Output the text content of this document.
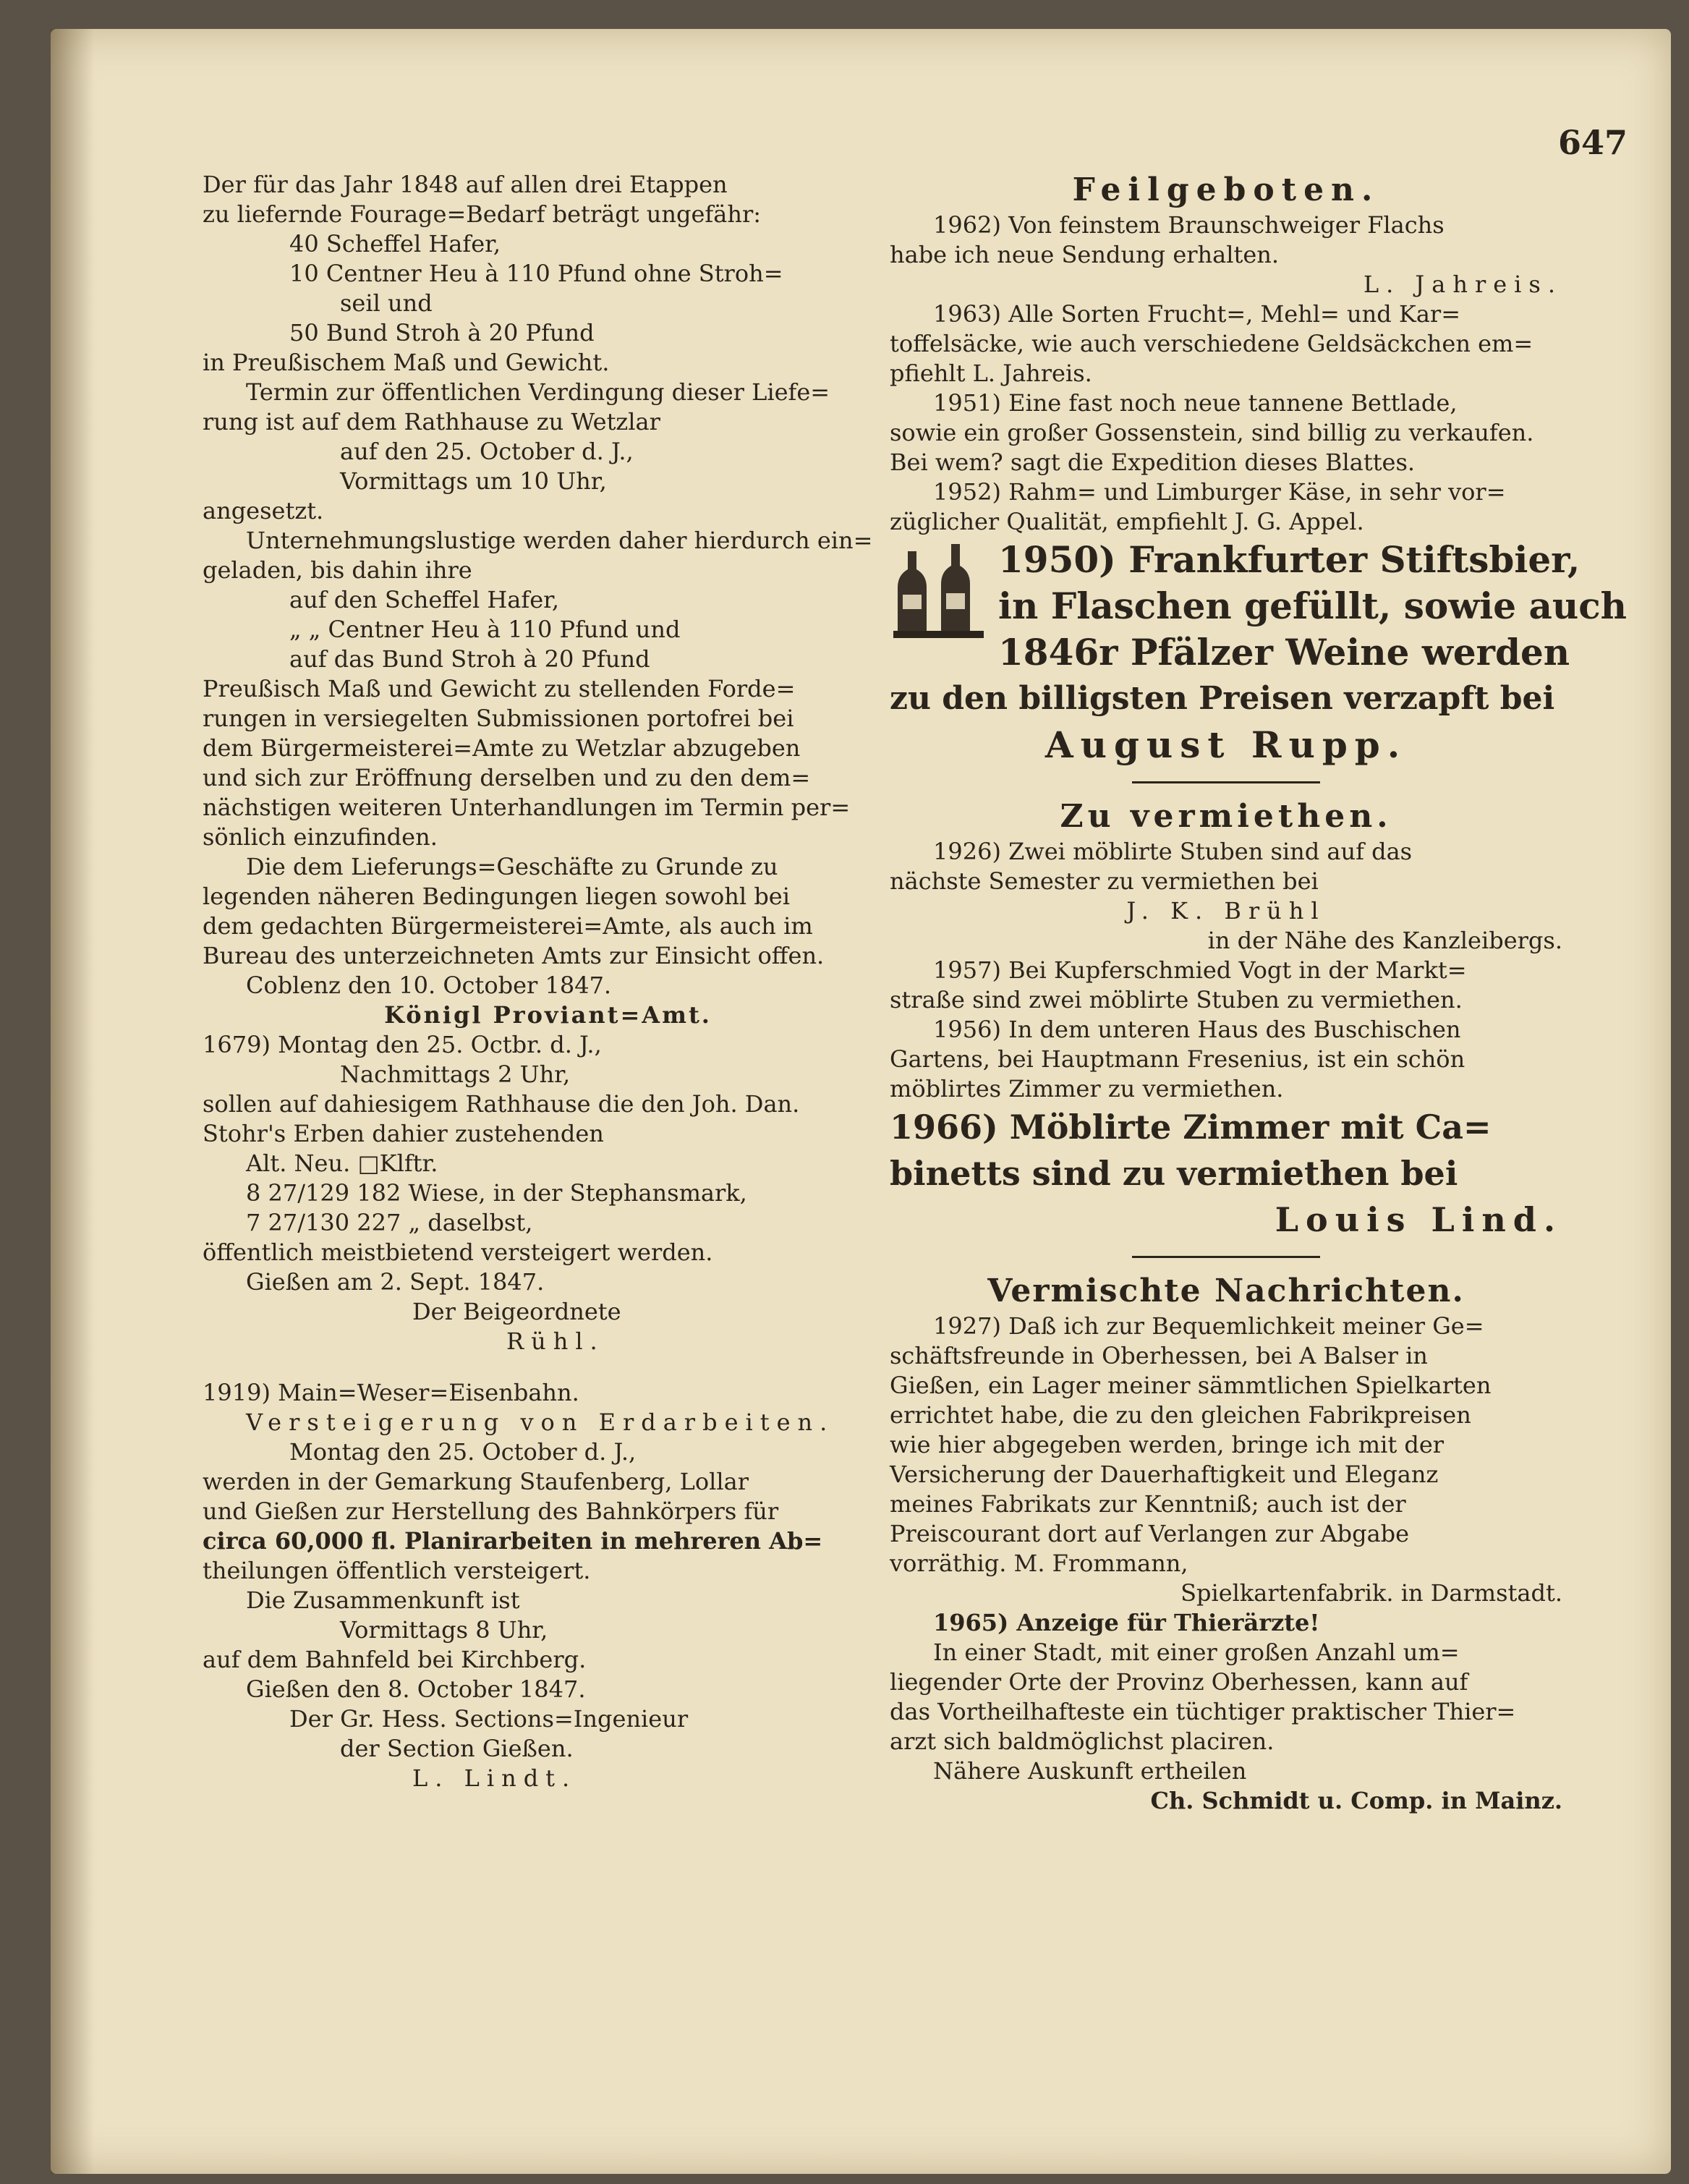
647
Der für das Jahr 1848 auf allen drei Etappen
zu liefernde Fourage=Bedarf beträgt ungefähr:
40 Scheffel Hafer,
10 Centner Heu à 110 Pfund ohne Stroh=
seil und
50 Bund Stroh à 20 Pfund
in Preußischem Maß und Gewicht.
Termin zur öffentlichen Verdingung dieser Liefe=
rung ist auf dem Rathhause zu Wetzlar
auf den 25. October d. J.,
Vormittags um 10 Uhr,
angesetzt.
Unternehmungslustige werden daher hierdurch ein=
geladen, bis dahin ihre
auf den Scheffel Hafer,
„ „ Centner Heu à 110 Pfund und
auf das Bund Stroh à 20 Pfund
Preußisch Maß und Gewicht zu stellenden Forde=
rungen in versiegelten Submissionen portofrei bei
dem Bürgermeisterei=Amte zu Wetzlar abzugeben
und sich zur Eröffnung derselben und zu den dem=
nächstigen weiteren Unterhandlungen im Termin per=
sönlich einzufinden.
Die dem Lieferungs=Geschäfte zu Grunde zu
legenden näheren Bedingungen liegen sowohl bei
dem gedachten Bürgermeisterei=Amte, als auch im
Bureau des unterzeichneten Amts zur Einsicht offen.
Coblenz den 10. October 1847.
Königl Proviant=Amt.
1679) Montag den 25. Octbr. d. J.,
Nachmittags 2 Uhr,
sollen auf dahiesigem Rathhause die den Joh. Dan.
Stohr's Erben dahier zustehenden
Alt. Neu. □Klftr.
8 27/129 182 Wiese, in der Stephansmark,
7 27/130 227 „ daselbst,
öffentlich meistbietend versteigert werden.
Gießen am 2. Sept. 1847.
Der Beigeordnete
Rühl.
1919) Main=Weser=Eisenbahn.
Versteigerung von Erdarbeiten.
Montag den 25. October d. J.,
werden in der Gemarkung Staufenberg, Lollar
und Gießen zur Herstellung des Bahnkörpers für
circa 60,000 fl. Planirarbeiten in mehreren Ab=
theilungen öffentlich versteigert.
Die Zusammenkunft ist
Vormittags 8 Uhr,
auf dem Bahnfeld bei Kirchberg.
Gießen den 8. October 1847.
Der Gr. Hess. Sections=Ingenieur
der Section Gießen.
L. Lindt.
Feilgeboten.
1962) Von feinstem Braunschweiger Flachs
habe ich neue Sendung erhalten.
L. Jahreis.
1963) Alle Sorten Frucht=, Mehl= und Kar=
toffelsäcke, wie auch verschiedene Geldsäckchen em=
pfiehlt L. Jahreis.
1951) Eine fast noch neue tannene Bettlade,
sowie ein großer Gossenstein, sind billig zu verkaufen.
Bei wem? sagt die Expedition dieses Blattes.
1952) Rahm= und Limburger Käse, in sehr vor=
züglicher Qualität, empfiehlt J. G. Appel.
1950) Frankfurter Stiftsbier,
in Flaschen gefüllt, sowie auch
1846r Pfälzer Weine werden
zu den billigsten Preisen verzapft bei
August Rupp.
Zu vermiethen.
1926) Zwei möblirte Stuben sind auf das
nächste Semester zu vermiethen bei
J. K. Brühl
in der Nähe des Kanzleibergs.
1957) Bei Kupferschmied Vogt in der Markt=
straße sind zwei möblirte Stuben zu vermiethen.
1956) In dem unteren Haus des Buschischen
Gartens, bei Hauptmann Fresenius, ist ein schön
möblirtes Zimmer zu vermiethen.
1966) Möblirte Zimmer mit Ca=
binetts sind zu vermiethen bei
Louis Lind.
Vermischte Nachrichten.
1927) Daß ich zur Bequemlichkeit meiner Ge=
schäftsfreunde in Oberhessen, bei A Balser in
Gießen, ein Lager meiner sämmtlichen Spielkarten
errichtet habe, die zu den gleichen Fabrikpreisen
wie hier abgegeben werden, bringe ich mit der
Versicherung der Dauerhaftigkeit und Eleganz
meines Fabrikats zur Kenntniß; auch ist der
Preiscourant dort auf Verlangen zur Abgabe
vorräthig. M. Frommann,
Spielkartenfabrik. in Darmstadt.
1965) Anzeige für Thierärzte!
In einer Stadt, mit einer großen Anzahl um=
liegender Orte der Provinz Oberhessen, kann auf
das Vortheilhafteste ein tüchtiger praktischer Thier=
arzt sich baldmöglichst placiren.
Nähere Auskunft ertheilen
Ch. Schmidt u. Comp. in Mainz.
